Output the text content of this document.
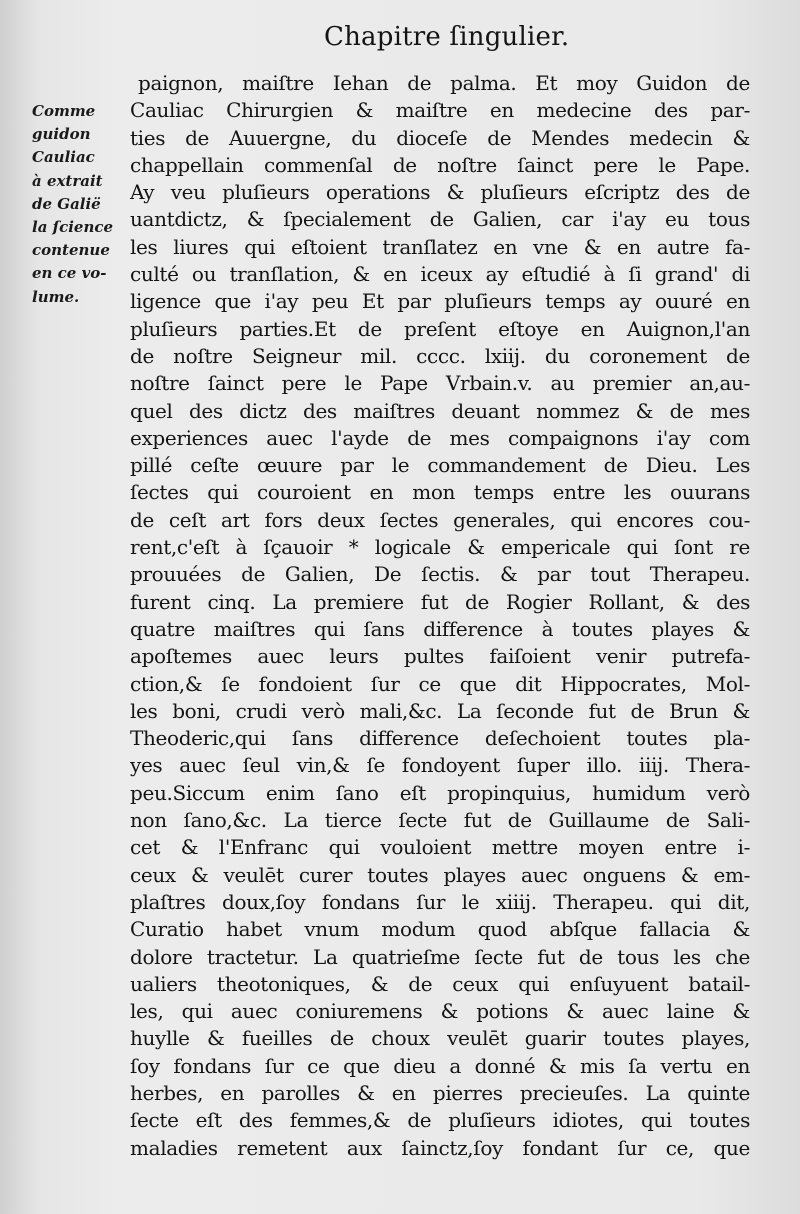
Chapitre ſingulier.
Comme
guidon
Cauliac
à extrait
de Galië
la ſcience
contenue
en ce vo-
lume.
paignon, maiſtre Iehan de palma. Et moy Guidon de
Cauliac Chirurgien & maiſtre en medecine des par-
ties de Auuergne, du dioceſe de Mendes medecin &
chappellain commenſal de noſtre ſainct pere le Pape.
Ay veu pluſieurs operations & pluſieurs eſcriptz des de
uantdictz, & ſpecialement de Galien, car i'ay eu tous
les liures qui eſtoient tranſlatez en vne & en autre fa-
culté ou tranſlation, & en iceux ay eſtudié à ſi grand' di
ligence que i'ay peu Et par pluſieurs temps ay ouuré en
pluſieurs parties.Et de preſent eſtoye en Auignon,l'an
de noſtre Seigneur mil. cccc. lxiij. du coronement de
noſtre ſainct pere le Pape Vrbain.v. au premier an,au-
quel des dictz des maiſtres deuant nommez & de mes
experiences auec l'ayde de mes compaignons i'ay com
pillé ceſte œuure par le commandement de Dieu. Les
ſectes qui couroient en mon temps entre les ouurans
de ceſt art fors deux ſectes generales, qui encores cou-
rent,c'eſt à ſçauoir * logicale & empericale qui ſont re
prouuées de Galien, De ſectis. & par tout Therapeu.
furent cinq. La premiere fut de Rogier Rollant, & des
quatre maiſtres qui ſans difference à toutes playes &
apoſtemes auec leurs pultes faiſoient venir putrefa-
ction,& ſe fondoient ſur ce que dit Hippocrates, Mol-
les boni, crudi verò mali,&c. La ſeconde fut de Brun &
Theoderic,qui ſans difference deſechoient toutes pla-
yes auec ſeul vin,& ſe fondoyent ſuper illo. iiij. Thera-
peu.Siccum enim ſano eſt propinquius, humidum verò
non ſano,&c. La tierce ſecte fut de Guillaume de Sali-
cet & l'Enfranc qui vouloient mettre moyen entre i-
ceux & veulēt curer toutes playes auec onguens & em-
plaſtres doux,ſoy fondans ſur le xiiij. Therapeu. qui dit,
Curatio habet vnum modum quod abſque fallacia &
dolore tractetur. La quatrieſme ſecte fut de tous les che
ualiers theotoniques, & de ceux qui enſuyuent batail-
les, qui auec coniuremens & potions & auec laine &
huylle & fueilles de choux veulēt guarir toutes playes,
ſoy fondans ſur ce que dieu a donné & mis ſa vertu en
herbes, en parolles & en pierres precieuſes. La quinte
ſecte eſt des femmes,& de pluſieurs idiotes, qui toutes
maladies remetent aux ſainctz,ſoy fondant ſur ce, que
